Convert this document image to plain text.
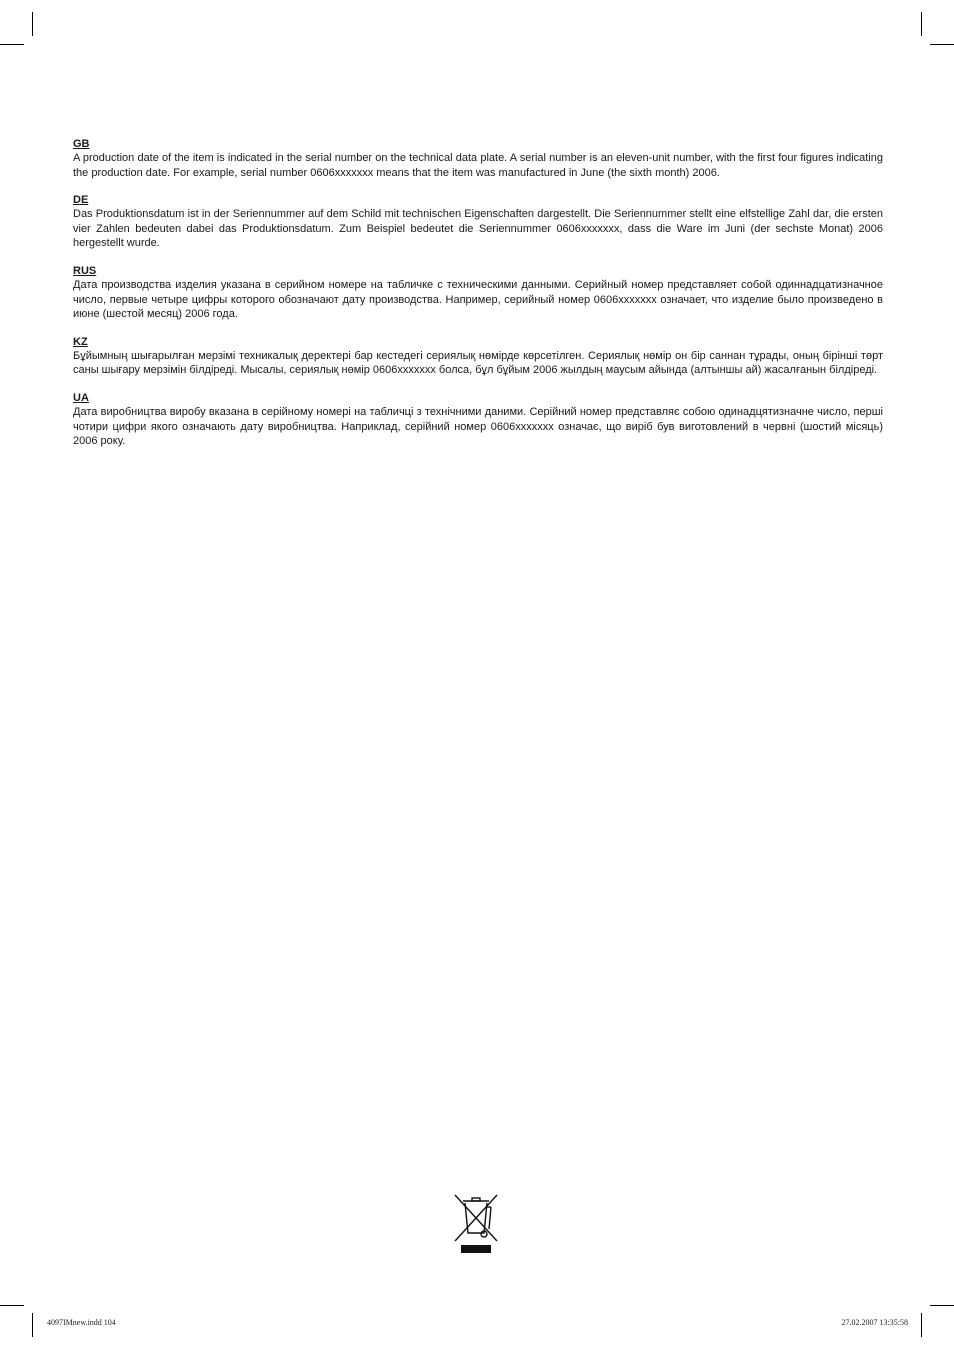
GB

A production date of the item is indicated in the serial number on the technical data plate. A serial number is an eleven-unit number, with the first four figures indicating the production date. For example, serial number 0606xxxxxxx means that the item was manufactured in June (the sixth month) 2006.

DE

Das Produktionsdatum ist in der Seriennummer auf dem Schild mit technischen Eigenschaften dargestellt. Die Seriennummer stellt eine elfstellige Zahl dar, die ersten vier Zahlen bedeuten dabei das Produktionsdatum. Zum Beispiel bedeutet die Seriennummer 0606xxxxxxx, dass die Ware im Juni (der sechste Monat) 2006 hergestellt wurde.

RUS

Дата производства изделия указана в серийном номере на табличке с техническими данными. Серийный номер представляет собой одиннадцатизначное число, первые четыре цифры которого обозначают дату производства. Например, серийный номер 0606xxxxxxx означает, что изделие было произведено в июне (шестой месяц) 2006 года.

KZ

Бұйымның шығарылған мерзімі техникалық деректері бар кестедегі сериялық нөмірде көрсетілген. Сериялық нөмір он бір саннан тұрады, оның бірінші төрт саны шығару мерзімін білдіреді. Мысалы, сериялық нөмір 0606xxxxxxx болса, бұл бұйым 2006 жылдың маусым айында (алтыншы ай) жасалғанын білдіреді.

UA

Дата виробництва виробу вказана в серійному номері на табличці з технічними даними. Серійний номер представляє собою одинадцятизначне число, перші чотири цифри якого означають дату виробництва. Наприклад, серійний номер 0606xxxxxxx означає, що виріб був виготовлений в червні (шостий місяць) 2006 року.

4097IMnew.indd 104	27.02.2007 13:35:58
